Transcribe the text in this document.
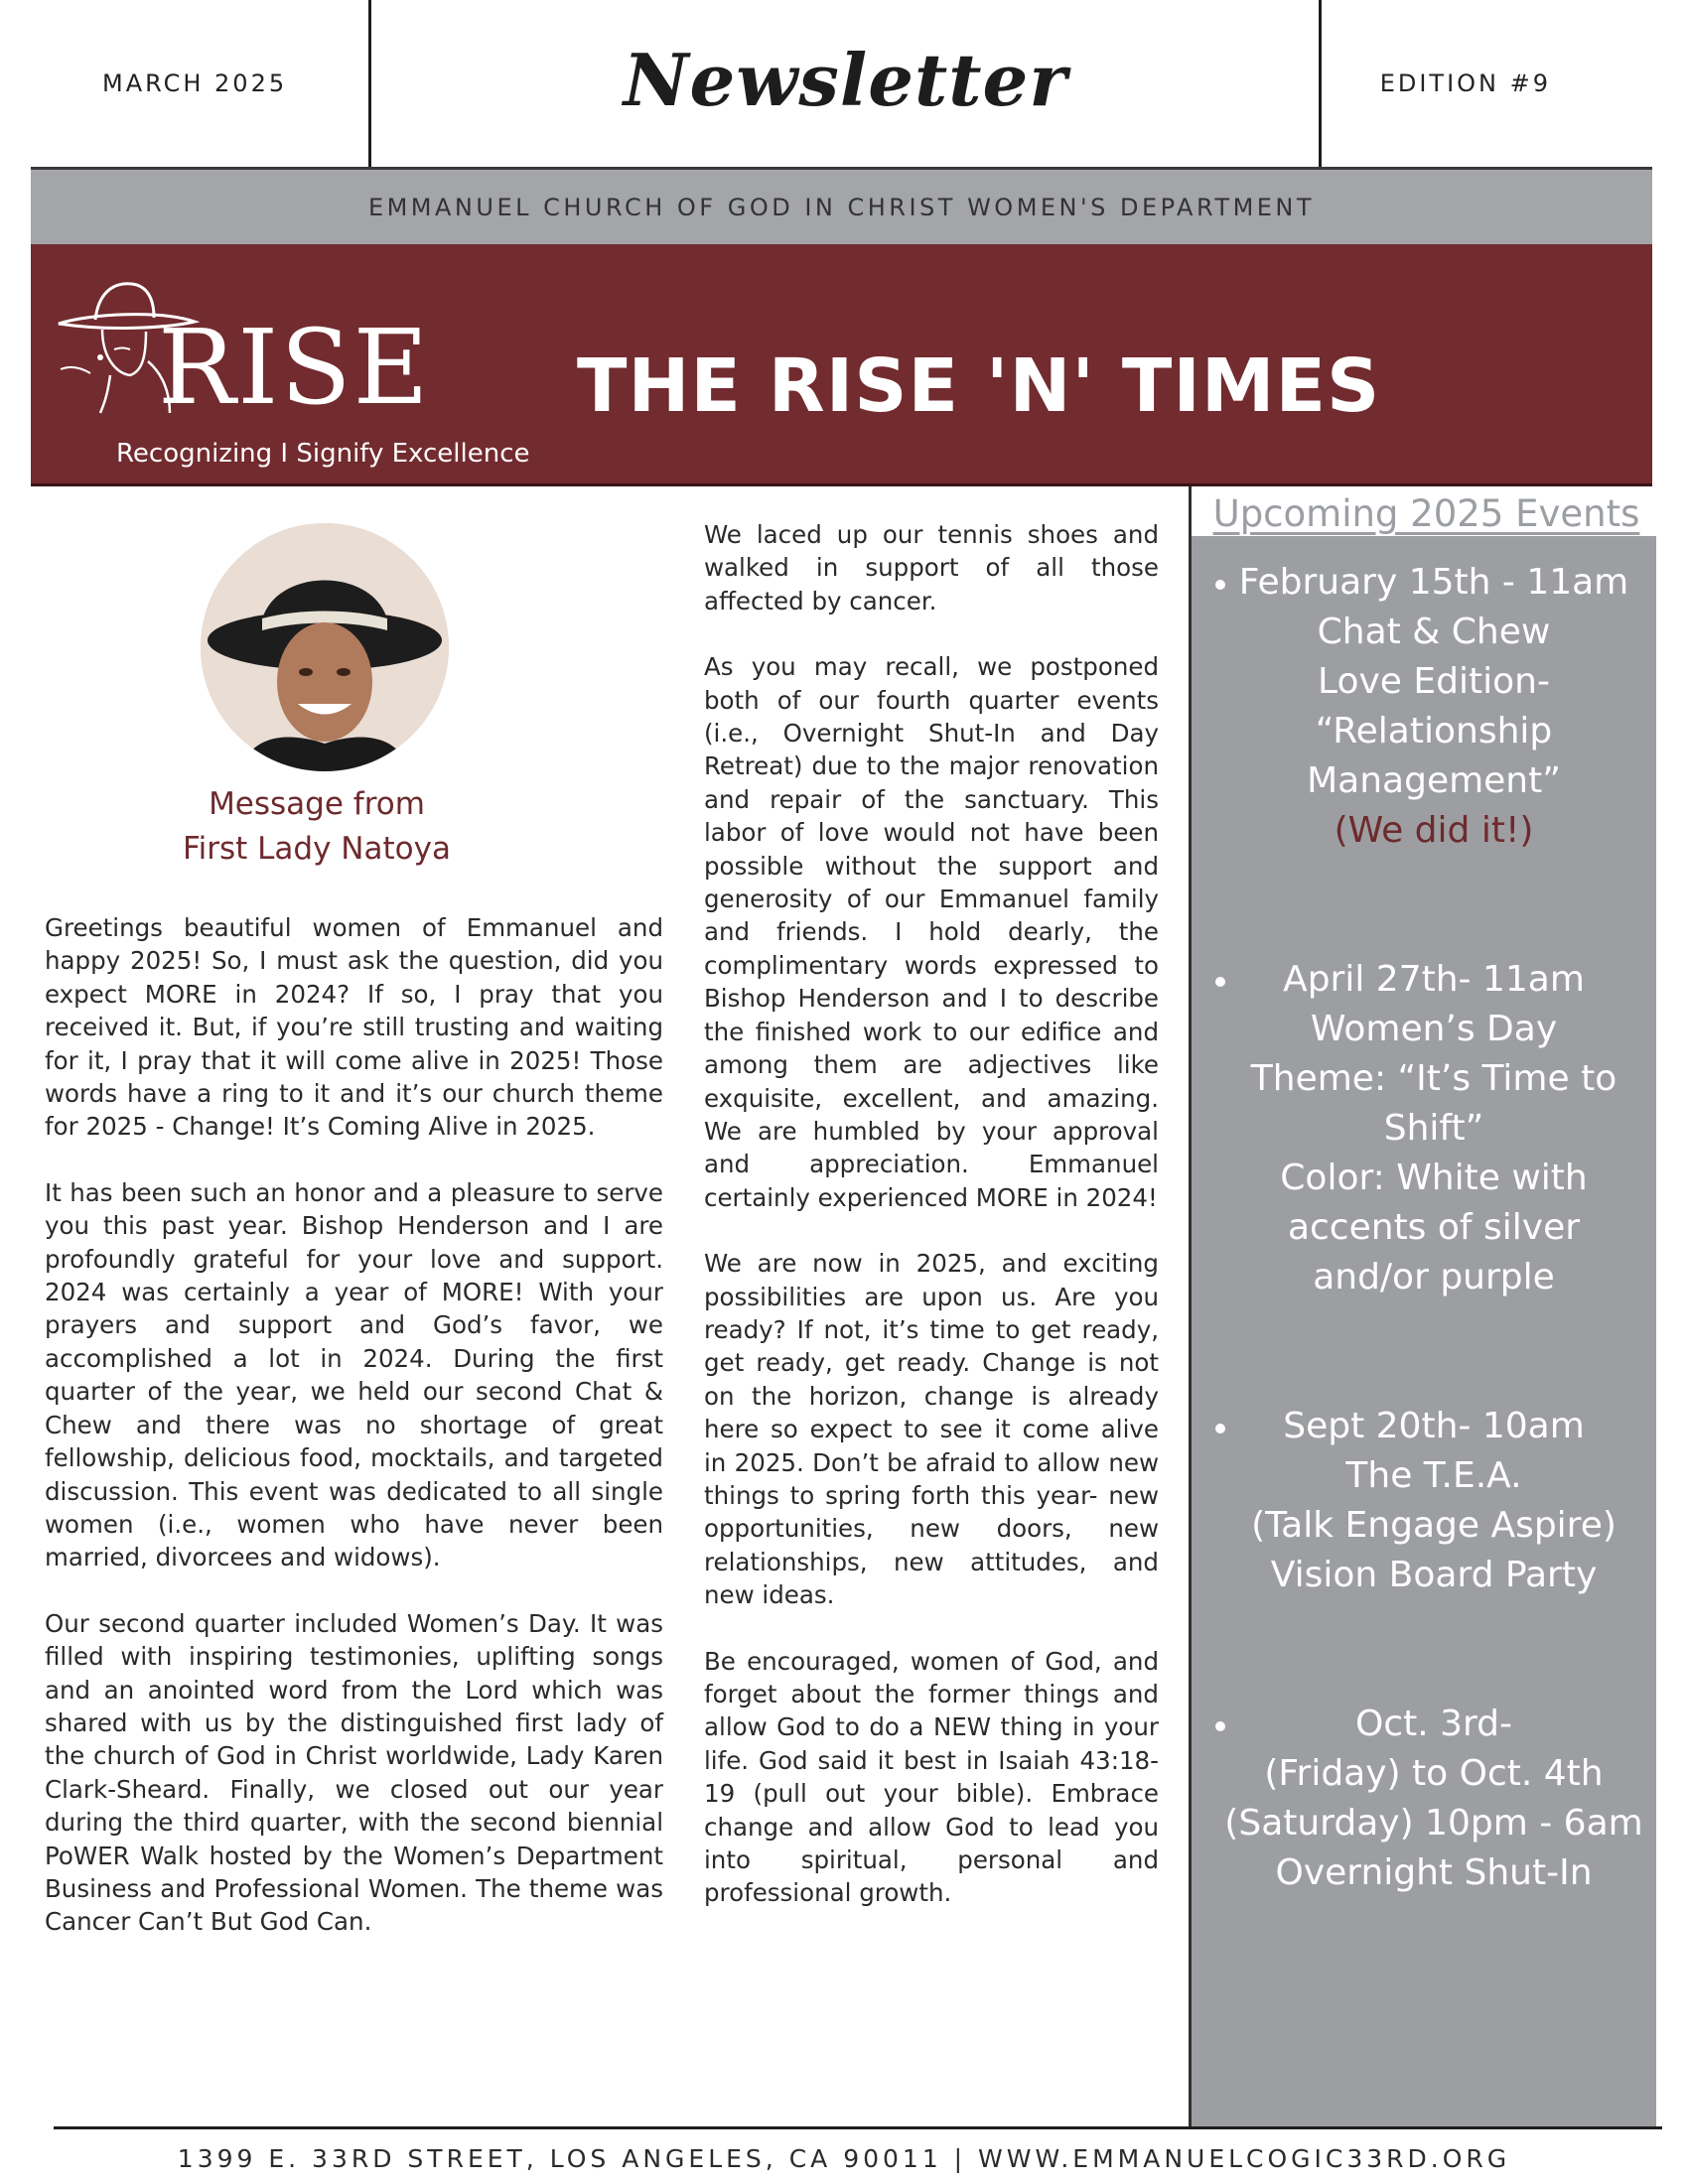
MARCH 2025	Newsletter	EDITION #9
EMMANUEL CHURCH OF GOD IN CHRIST WOMEN'S DEPARTMENT
RISE
Recognizing I Signify Excellence
THE RISE 'N' TIMES
Message from
First Lady Natoya

Greetings beautiful women of Emmanuel and happy 2025! So, I must ask the question, did you expect MORE in 2024? If so, I pray that you received it. But, if you’re still trusting and waiting for it, I pray that it will come alive in 2025! Those words have a ring to it and it’s our church theme for 2025 - Change! It’s Coming Alive in 2025.

It has been such an honor and a pleasure to serve you this past year. Bishop Henderson and I are profoundly grateful for your love and support. 2024 was certainly a year of MORE! With your prayers and support and God’s favor, we accomplished a lot in 2024. During the first quarter of the year, we held our second Chat & Chew and there was no shortage of great fellowship, delicious food, mocktails, and targeted discussion. This event was dedicated to all single women (i.e., women who have never been married, divorcees and widows).

Our second quarter included Women’s Day. It was filled with inspiring testimonies, uplifting songs and an anointed word from the Lord which was shared with us by the distinguished first lady of the church of God in Christ worldwide, Lady Karen Clark-Sheard. Finally, we closed out our year during the third quarter, with the second biennial PoWER Walk hosted by the Women’s Department Business and Professional Women. The theme was Cancer Can’t But God Can.

We laced up our tennis shoes and walked in support of all those affected by cancer.

As you may recall, we postponed both of our fourth quarter events (i.e., Overnight Shut-In and Day Retreat) due to the major renovation and repair of the sanctuary. This labor of love would not have been possible without the support and generosity of our Emmanuel family and friends. I hold dearly, the complimentary words expressed to Bishop Henderson and I to describe the finished work to our edifice and among them are adjectives like exquisite, excellent, and amazing. We are humbled by your approval and appreciation. Emmanuel certainly experienced MORE in 2024!

We are now in 2025, and exciting possibilities are upon us. Are you ready? If not, it’s time to get ready, get ready, get ready. Change is not on the horizon, change is already here so expect to see it come alive in 2025. Don’t be afraid to allow new things to spring forth this year- new opportunities, new doors, new relationships, new attitudes, and new ideas.

Be encouraged, women of God, and forget about the former things and allow God to do a NEW thing in your life. God said it best in Isaiah 43:18-19 (pull out your bible). Embrace change and allow God to lead you into spiritual, personal and professional growth.

Upcoming 2025 Events
February 15th - 11am
Chat & Chew
Love Edition-
“Relationship
Management”
(We did it!)
April 27th- 11am
Women’s Day
Theme: “It’s Time to
Shift”
Color: White with
accents of silver
and/or purple
Sept 20th- 10am
The T.E.A.
(Talk Engage Aspire)
Vision Board Party
Oct. 3rd-
(Friday) to Oct. 4th
(Saturday) 10pm - 6am
Overnight Shut-In
1399 E. 33RD STREET, LOS ANGELES, CA 90011 | WWW.EMMANUELCOGIC33RD.ORG
